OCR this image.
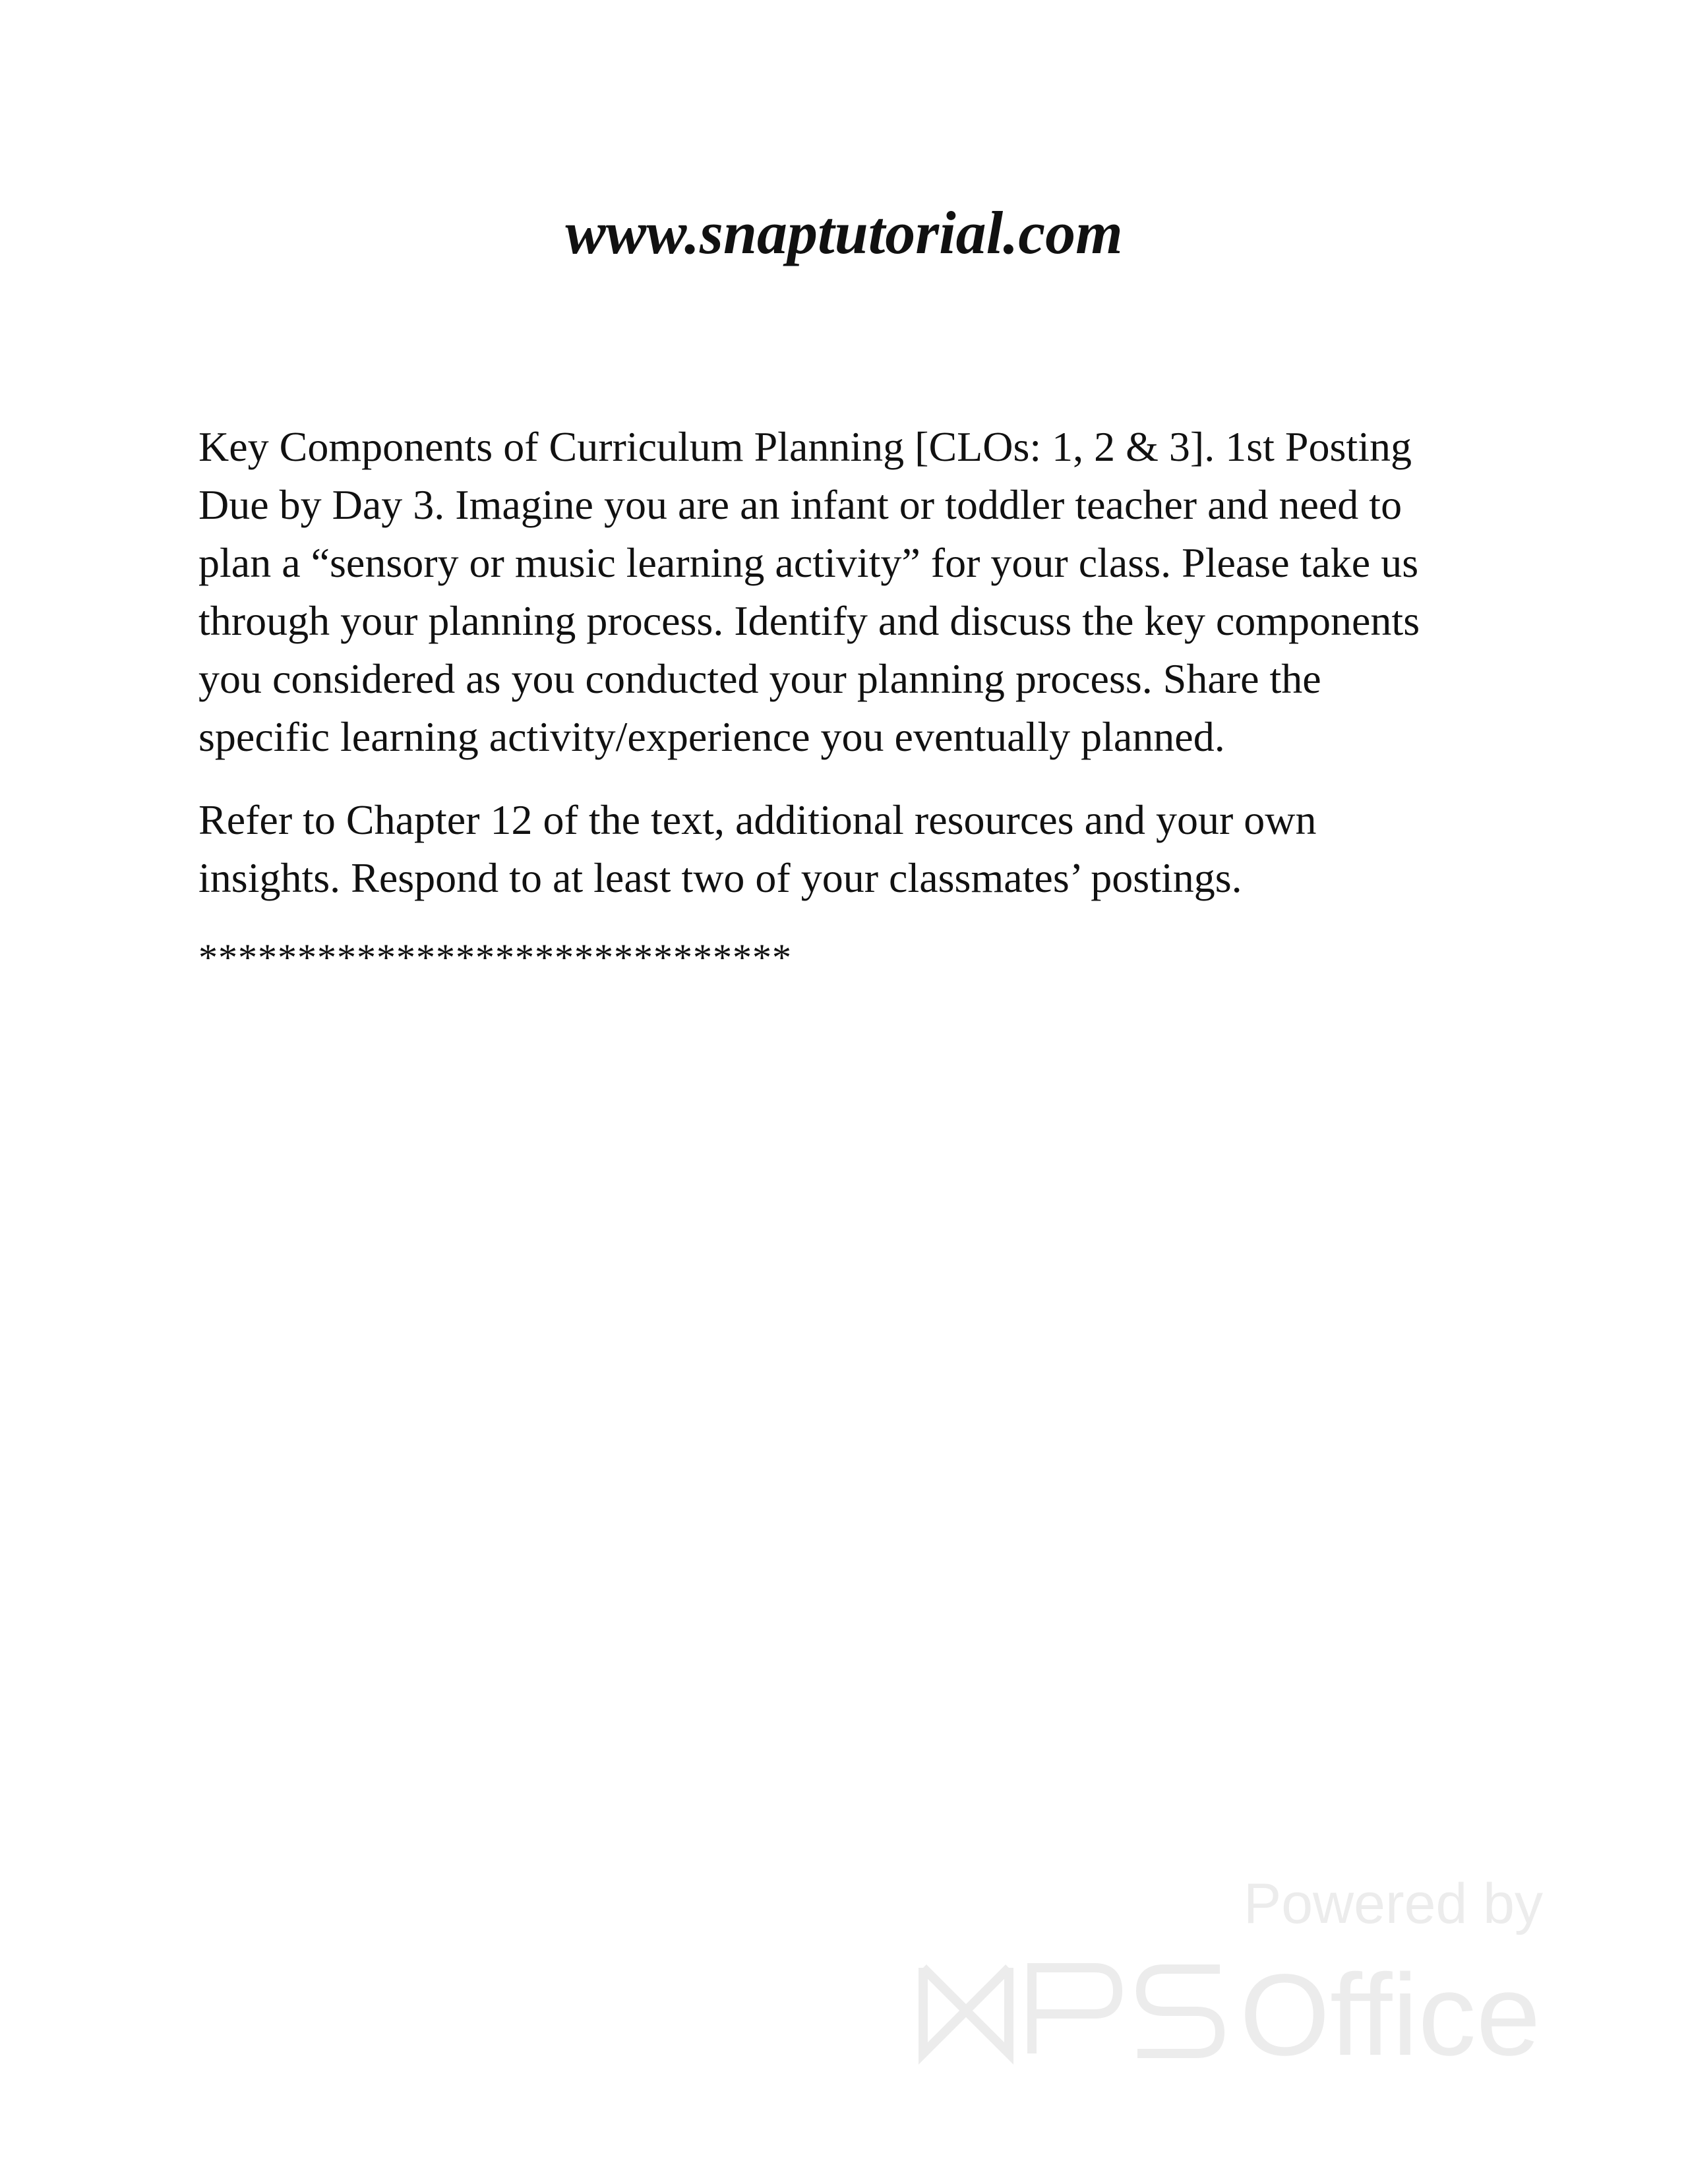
www.snaptutorial.com

Key Components of Curriculum Planning [CLOs: 1, 2 & 3]. 1st Posting
Due by Day 3. Imagine you are an infant or toddler teacher and need to
plan a “sensory or music learning activity” for your class. Please take us
through your planning process. Identify and discuss the key components
you considered as you conducted your planning process. Share the
specific learning activity/experience you eventually planned.

Refer to Chapter 12 of the text, additional resources and your own
insights. Respond to at least two of your classmates’ postings.

******************************
Powered by
Office
